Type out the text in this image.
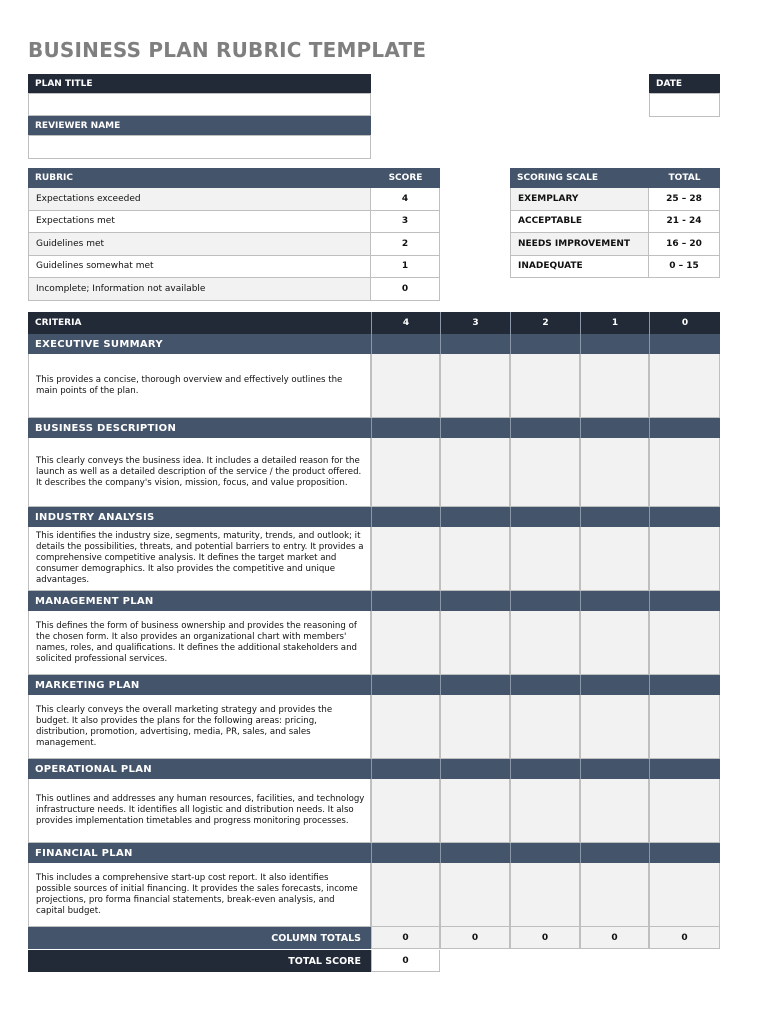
BUSINESS PLAN RUBRIC TEMPLATE
PLAN TITLE
REVIEWER NAME
DATE
RUBRIC	SCORE
Expectations exceeded	4
Expectations met	3
Guidelines met	2
Guidelines somewhat met	1
Incomplete; Information not available	0
SCORING SCALE	TOTAL
EXEMPLARY	25 – 28
ACCEPTABLE	21 - 24
NEEDS IMPROVEMENT	16 – 20
INADEQUATE	0 – 15
CRITERIA	4	3	2	1	0
EXECUTIVE SUMMARY
This provides a concise, thorough overview and effectively outlines the main points of the plan.
BUSINESS DESCRIPTION
This clearly conveys the business idea. It includes a detailed reason for the launch as well as a detailed description of the service / the product offered. It describes the company's vision, mission, focus, and value proposition.
INDUSTRY ANALYSIS
This identifies the industry size, segments, maturity, trends, and outlook; it details the possibilities, threats, and potential barriers to entry. It provides a comprehensive competitive analysis. It defines the target market and consumer demographics. It also provides the competitive and unique advantages.
MANAGEMENT PLAN
This defines the form of business ownership and provides the reasoning of the chosen form. It also provides an organizational chart with members' names, roles, and qualifications. It defines the additional stakeholders and solicited professional services.
MARKETING PLAN
This clearly conveys the overall marketing strategy and provides the budget. It also provides the plans for the following areas: pricing, distribution, promotion, advertising, media, PR, sales, and sales management.
OPERATIONAL PLAN
This outlines and addresses any human resources, facilities, and technology infrastructure needs. It identifies all logistic and distribution needs. It also provides implementation timetables and progress monitoring processes.
FINANCIAL PLAN
This includes a comprehensive start-up cost report. It also identifies possible sources of initial financing. It provides the sales forecasts, income projections, pro forma financial statements, break-even analysis, and capital budget.
COLUMN TOTALS	0	0	0	0	0
TOTAL SCORE	0
